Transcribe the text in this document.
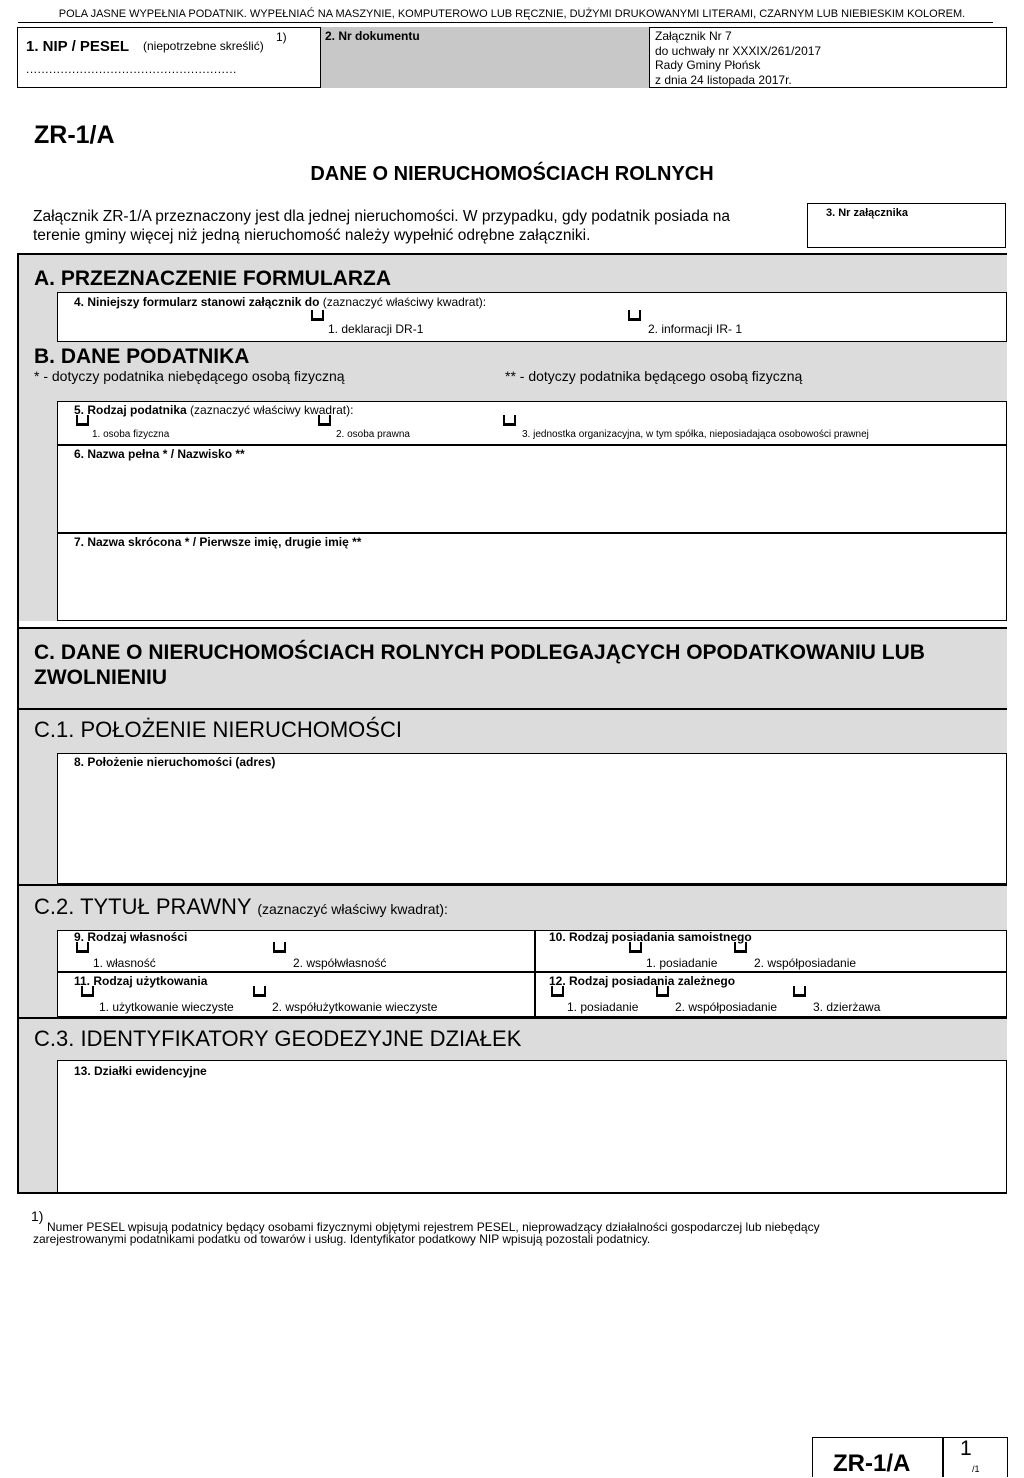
POLA JASNE WYPEŁNIA PODATNIK. WYPEŁNIAĆ NA MASZYNIE, KOMPUTEROWO LUB RĘCZNIE, DUŻYMI DRUKOWANYMI LITERAMI, CZARNYM LUB NIEBIESKIM KOLOREM.
1. NIP / PESEL (niepotrzebne skreślić)
1)
.......................................................
2. Nr dokumentu	Załącznik Nr 7
do uchwały nr XXXIX/261/2017
Rady Gminy Płońsk
z dnia 24 listopada 2017r.
ZR-1/A
DANE O NIERUCHOMOŚCIACH ROLNYCH
Załącznik ZR-1/A przeznaczony jest dla jednej nieruchomości. W przypadku, gdy podatnik posiada na
terenie gminy więcej niż jedną nieruchomość należy wypełnić odrębne załączniki.
3. Nr załącznika
A. PRZEZNACZENIE FORMULARZA
4. Niniejszy formularz stanowi załącznik do (zaznaczyć właściwy kwadrat):
1. deklaracji DR-1	2. informacji IR- 1
B. DANE PODATNIKA
* - dotyczy podatnika niebędącego osobą fizyczną	** - dotyczy podatnika będącego osobą fizyczną
5. Rodzaj podatnika (zaznaczyć właściwy kwadrat):
1. osoba fizyczna	2. osoba prawna	3. jednostka organizacyjna, w tym spółka, nieposiadająca osobowości prawnej
6. Nazwa pełna * / Nazwisko **
7. Nazwa skrócona * / Pierwsze imię, drugie imię **
C. DANE O NIERUCHOMOŚCIACH ROLNYCH PODLEGAJĄCYCH OPODATKOWANIU LUB
ZWOLNIENIU
C.1. POŁOŻENIE NIERUCHOMOŚCI
8. Położenie nieruchomości (adres)
C.2. TYTUŁ PRAWNY (zaznaczyć właściwy kwadrat):
9. Rodzaj własności
1. własność	2. współwłasność
10. Rodzaj posiadania samoistnego
1. posiadanie	2. współposiadanie
11. Rodzaj użytkowania
1. użytkowanie wieczyste	2. współużytkowanie wieczyste
12. Rodzaj posiadania zależnego
1. posiadanie	2. współposiadanie	3. dzierżawa
C.3. IDENTYFIKATORY GEODEZYJNE DZIAŁEK
13. Działki ewidencyjne
1)
Numer PESEL wpisują podatnicy będący osobami fizycznymi objętymi rejestrem PESEL, nieprowadzący działalności gospodarczej lub niebędący
zarejestrowanymi podatnikami podatku od towarów i usług. Identyfikator podatkowy NIP wpisują pozostali podatnicy.
ZR-1/A
1
/1
